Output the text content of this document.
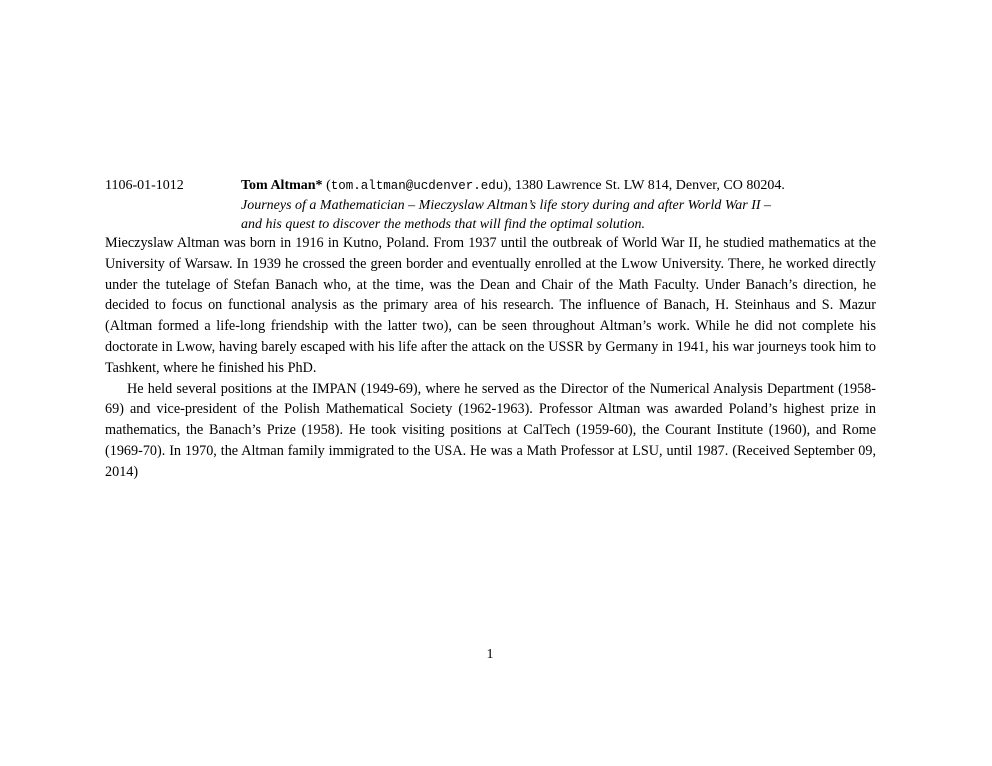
1106-01-1012	Tom Altman* (tom.altman@ucdenver.edu), 1380 Lawrence St. LW 814, Denver, CO 80204.
Journeys of a Mathematician – Mieczyslaw Altman’s life story during and after World War II –
and his quest to discover the methods that will find the optimal solution.

Mieczyslaw Altman was born in 1916 in Kutno, Poland. From 1937 until the outbreak of World War II, he studied mathematics at the University of Warsaw. In 1939 he crossed the green border and eventually enrolled at the Lwow University. There, he worked directly under the tutelage of Stefan Banach who, at the time, was the Dean and Chair of the Math Faculty. Under Banach’s direction, he decided to focus on functional analysis as the primary area of his research. The influence of Banach, H. Steinhaus and S. Mazur (Altman formed a life-long friendship with the latter two), can be seen throughout Altman’s work. While he did not complete his doctorate in Lwow, having barely escaped with his life after the attack on the USSR by Germany in 1941, his war journeys took him to Tashkent, where he finished his PhD.

He held several positions at the IMPAN (1949-69), where he served as the Director of the Numerical Analysis Department (1958-69) and vice-president of the Polish Mathematical Society (1962-1963). Professor Altman was awarded Poland’s highest prize in mathematics, the Banach’s Prize (1958). He took visiting positions at CalTech (1959-60), the Courant Institute (1960), and Rome (1969-70). In 1970, the Altman family immigrated to the USA. He was a Math Professor at LSU, until 1987. (Received September 09, 2014)

1
